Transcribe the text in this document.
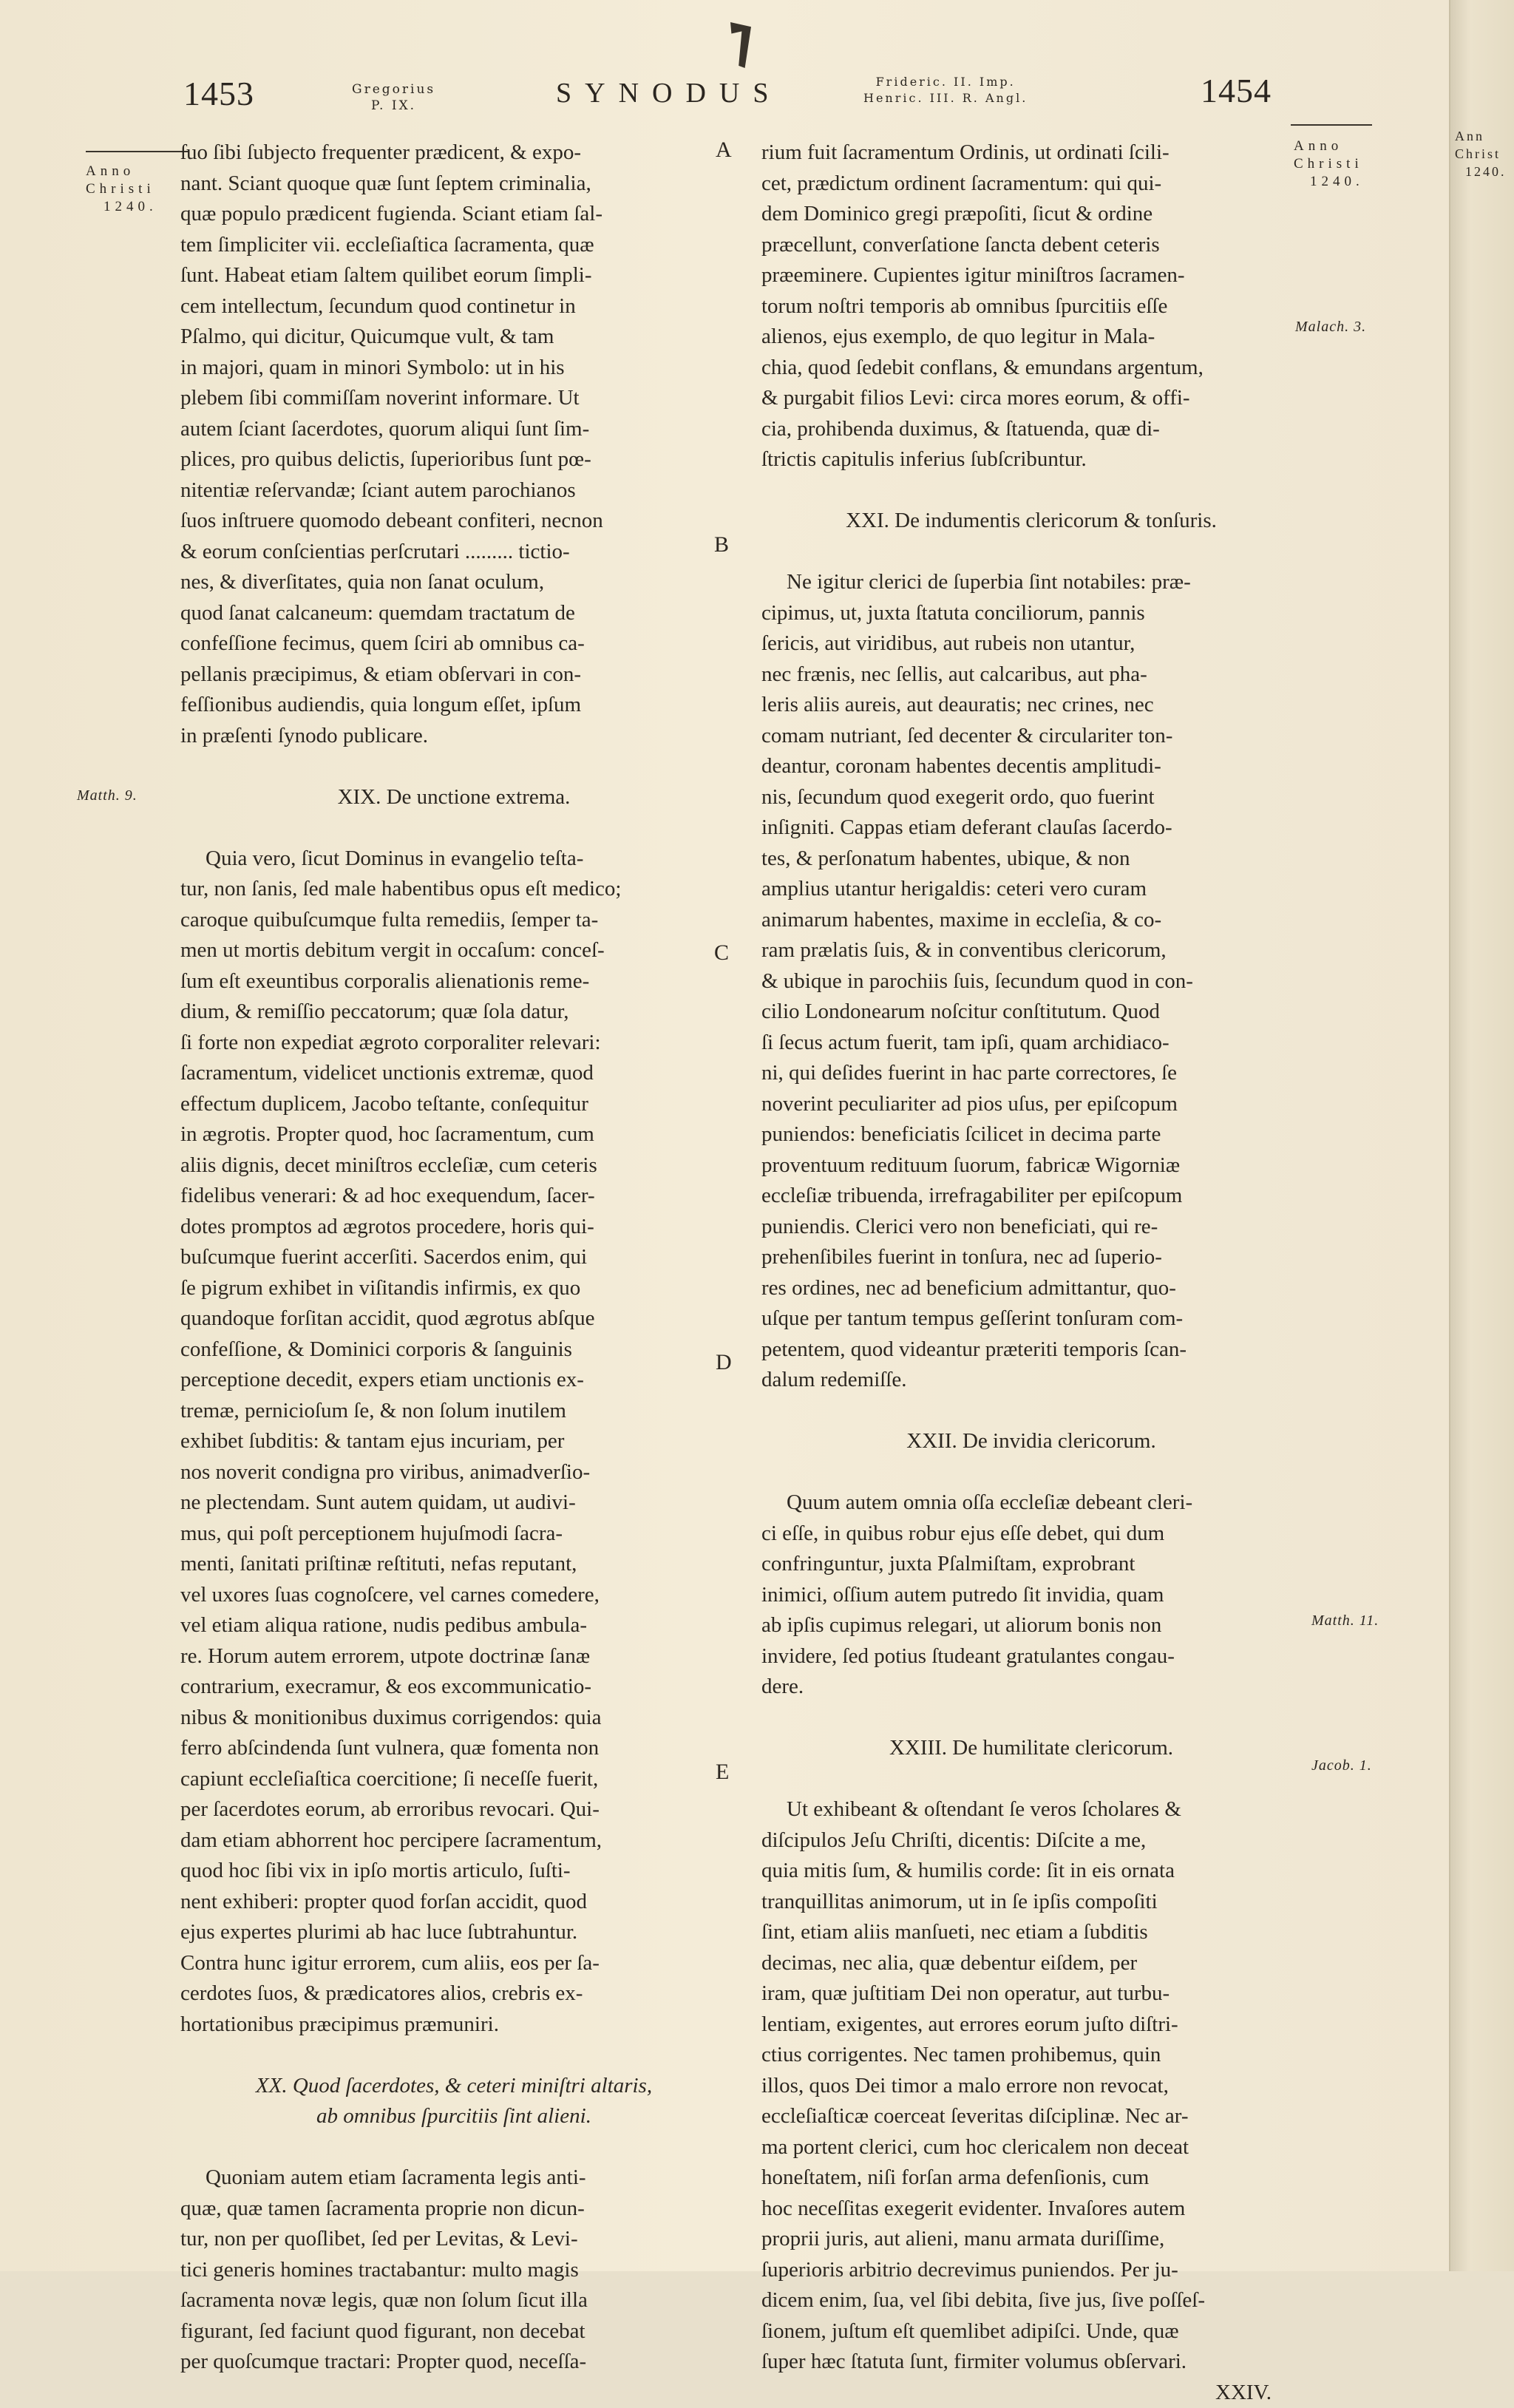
1453	Gregorius
P. IX.	SYNODUS	Frideric. II. Imp.
Henric. III. R. Angl.	1454
Anno
Christi
1240.
Matth. 9.
Anno
Christi
1240.
Malach. 3.
Matth. 11.
Jacob. 1.
Ann
Christ
1240.
A
B
C
D
E
ſuo ſibi ſubjecto frequenter prædicent, & expo-
nant. Sciant quoque quæ ſunt ſeptem criminalia,
quæ populo prædicent fugienda. Sciant etiam ſal-
tem ſimpliciter vii. eccleſiaſtica ſacramenta, quæ
ſunt. Habeat etiam ſaltem quilibet eorum ſimpli-
cem intellectum, ſecundum quod continetur in
Pſalmo, qui dicitur, Quicumque vult, & tam
in majori, quam in minori Symbolo: ut in his
plebem ſibi commiſſam noverint informare. Ut
autem ſciant ſacerdotes, quorum aliqui ſunt ſim-
plices, pro quibus delictis, ſuperioribus ſunt pœ-
nitentiæ reſervandæ; ſciant autem parochianos
ſuos inſtruere quomodo debeant confiteri, necnon
& eorum conſcientias perſcrutari ......... tictio-
nes, & diverſitates, quia non ſanat oculum,
quod ſanat calcaneum: quemdam tractatum de
confeſſione fecimus, quem ſciri ab omnibus ca-
pellanis præcipimus, & etiam obſervari in con-
feſſionibus audiendis, quia longum eſſet, ipſum
in præſenti ſynodo publicare.
XIX. De unctione extrema.
Quia vero, ſicut Dominus in evangelio teſta-
tur, non ſanis, ſed male habentibus opus eſt medico;
caroque quibuſcumque fulta remediis, ſemper ta-
men ut mortis debitum vergit in occaſum: conceſ-
ſum eſt exeuntibus corporalis alienationis reme-
dium, & remiſſio peccatorum; quæ ſola datur,
ſi forte non expediat ægroto corporaliter relevari:
ſacramentum, videlicet unctionis extremæ, quod
effectum duplicem, Jacobo teſtante, conſequitur
in ægrotis. Propter quod, hoc ſacramentum, cum
aliis dignis, decet miniſtros eccleſiæ, cum ceteris
fidelibus venerari: & ad hoc exequendum, ſacer-
dotes promptos ad ægrotos procedere, horis qui-
buſcumque fuerint accerſiti. Sacerdos enim, qui
ſe pigrum exhibet in viſitandis infirmis, ex quo
quandoque forſitan accidit, quod ægrotus abſque
confeſſione, & Dominici corporis & ſanguinis
perceptione decedit, expers etiam unctionis ex-
tremæ, pernicioſum ſe, & non ſolum inutilem
exhibet ſubditis: & tantam ejus incuriam, per
nos noverit condigna pro viribus, animadverſio-
ne plectendam. Sunt autem quidam, ut audivi-
mus, qui poſt perceptionem hujuſmodi ſacra-
menti, ſanitati priſtinæ reſtituti, nefas reputant,
vel uxores ſuas cognoſcere, vel carnes comedere,
vel etiam aliqua ratione, nudis pedibus ambula-
re. Horum autem errorem, utpote doctrinæ ſanæ
contrarium, execramur, & eos excommunicatio-
nibus & monitionibus duximus corrigendos: quia
ferro abſcindenda ſunt vulnera, quæ fomenta non
capiunt eccleſiaſtica coercitione; ſi neceſſe fuerit,
per ſacerdotes eorum, ab erroribus revocari. Qui-
dam etiam abhorrent hoc percipere ſacramentum,
quod hoc ſibi vix in ipſo mortis articulo, ſuſti-
nent exhiberi: propter quod forſan accidit, quod
ejus expertes plurimi ab hac luce ſubtrahuntur.
Contra hunc igitur errorem, cum aliis, eos per ſa-
cerdotes ſuos, & prædicatores alios, crebris ex-
hortationibus præcipimus præmuniri.
XX. Quod ſacerdotes, & ceteri miniſtri altaris,
ab omnibus ſpurcitiis ſint alieni.
Quoniam autem etiam ſacramenta legis anti-
quæ, quæ tamen ſacramenta proprie non dicun-
tur, non per quoſlibet, ſed per Levitas, & Levi-
tici generis homines tractabantur: multo magis
ſacramenta novæ legis, quæ non ſolum ſicut illa
figurant, ſed faciunt quod figurant, non decebat
per quoſcumque tractari: Propter quod, neceſſa-
rium fuit ſacramentum Ordinis, ut ordinati ſcili-
cet, prædictum ordinent ſacramentum: qui qui-
dem Dominico gregi præpoſiti, ſicut & ordine
præcellunt, converſatione ſancta debent ceteris
præeminere. Cupientes igitur miniſtros ſacramen-
torum noſtri temporis ab omnibus ſpurcitiis eſſe
alienos, ejus exemplo, de quo legitur in Mala-
chia, quod ſedebit conflans, & emundans argentum,
& purgabit filios Levi: circa mores eorum, & offi-
cia, prohibenda duximus, & ſtatuenda, quæ di-
ſtrictis capitulis inferius ſubſcribuntur.
XXI. De indumentis clericorum & tonſuris.
Ne igitur clerici de ſuperbia ſint notabiles: præ-
cipimus, ut, juxta ſtatuta conciliorum, pannis
ſericis, aut viridibus, aut rubeis non utantur,
nec frænis, nec ſellis, aut calcaribus, aut pha-
leris aliis aureis, aut deauratis; nec crines, nec
comam nutriant, ſed decenter & circulariter ton-
deantur, coronam habentes decentis amplitudi-
nis, ſecundum quod exegerit ordo, quo fuerint
inſigniti. Cappas etiam deferant clauſas ſacerdo-
tes, & perſonatum habentes, ubique, & non
amplius utantur herigaldis: ceteri vero curam
animarum habentes, maxime in eccleſia, & co-
ram prælatis ſuis, & in conventibus clericorum,
& ubique in parochiis ſuis, ſecundum quod in con-
cilio Londonearum noſcitur conſtitutum. Quod
ſi ſecus actum fuerit, tam ipſi, quam archidiaco-
ni, qui deſides fuerint in hac parte correctores, ſe
noverint peculiariter ad pios uſus, per epiſcopum
puniendos: beneficiatis ſcilicet in decima parte
proventuum redituum ſuorum, fabricæ Wigorniæ
eccleſiæ tribuenda, irrefragabiliter per epiſcopum
puniendis. Clerici vero non beneficiati, qui re-
prehenſibiles fuerint in tonſura, nec ad ſuperio-
res ordines, nec ad beneficium admittantur, quo-
uſque per tantum tempus geſſerint tonſuram com-
petentem, quod videantur præteriti temporis ſcan-
dalum redemiſſe.
XXII. De invidia clericorum.
Quum autem omnia oſſa eccleſiæ debeant cleri-
ci eſſe, in quibus robur ejus eſſe debet, qui dum
confringuntur, juxta Pſalmiſtam, exprobrant
inimici, oſſium autem putredo ſit invidia, quam
ab ipſis cupimus relegari, ut aliorum bonis non
invidere, ſed potius ſtudeant gratulantes congau-
dere.
XXIII. De humilitate clericorum.
Ut exhibeant & oſtendant ſe veros ſcholares &
diſcipulos Jeſu Chriſti, dicentis: Diſcite a me,
quia mitis ſum, & humilis corde: ſit in eis ornata
tranquillitas animorum, ut in ſe ipſis compoſiti
ſint, etiam aliis manſueti, nec etiam a ſubditis
decimas, nec alia, quæ debentur eiſdem, per
iram, quæ juſtitiam Dei non operatur, aut turbu-
lentiam, exigentes, aut errores eorum juſto diſtri-
ctius corrigentes. Nec tamen prohibemus, quin
illos, quos Dei timor a malo errore non revocat,
eccleſiaſticæ coerceat ſeveritas diſciplinæ. Nec ar-
ma portent clerici, cum hoc clericalem non deceat
honeſtatem, niſi forſan arma defenſionis, cum
hoc neceſſitas exegerit evidenter. Invaſores autem
proprii juris, aut alieni, manu armata duriſſime,
ſuperioris arbitrio decrevimus puniendos. Per ju-
dicem enim, ſua, vel ſibi debita, ſive jus, ſive poſſeſ-
ſionem, juſtum eſt quemlibet adipiſci. Unde, quæ
ſuper hæc ſtatuta ſunt, firmiter volumus obſervari.
XXIV.
